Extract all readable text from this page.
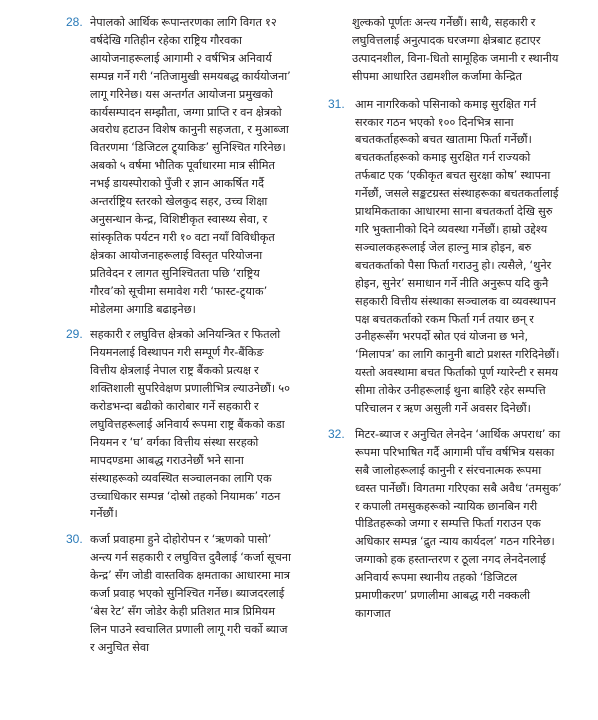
28. नेपालको आर्थिक रूपान्तरणका लागि विगत १२ वर्षदेखि गतिहीन रहेका राष्ट्रिय गौरवका आयोजनाहरूलाई आगामी २ वर्षभित्र अनिवार्य सम्पन्न गर्ने गरी ‘नतिजामुखी समयबद्ध कार्ययोजना’ लागू गरिनेछ। यस अन्तर्गत आयोजना प्रमुखको कार्यसम्पादन सम्झौता, जग्गा प्राप्ति र वन क्षेत्रको अवरोध हटाउन विशेष कानुनी सहजता, र मुआब्जा वितरणमा ‘डिजिटल ट्र्याकिङ’ सुनिश्चित गरिनेछ। अबको ५ वर्षमा भौतिक पूर्वाधारमा मात्र सीमित नभई डायस्पोराको पुँजी र ज्ञान आकर्षित गर्दै अन्तर्राष्ट्रिय स्तरको खेलकुद सहर, उच्च शिक्षा अनुसन्धान केन्द्र, विशिष्टीकृत स्वास्थ्य सेवा, र सांस्कृतिक पर्यटन गरी १० वटा नयाँ विविधीकृत क्षेत्रका आयोजनाहरूलाई विस्तृत परियोजना प्रतिवेदन र लागत सुनिश्चितता पछि ‘राष्ट्रिय गौरव’को सूचीमा समावेश गरी ‘फास्ट-ट्र्याक’ मोडेलमा अगाडि बढाइनेछ।

29. सहकारी र लघुवित्त क्षेत्रको अनियन्त्रित र फितलो नियमनलाई विस्थापन गरी सम्पूर्ण गैर-बैंकिङ वित्तीय क्षेत्रलाई नेपाल राष्ट्र बैंकको प्रत्यक्ष र शक्तिशाली सुपरिवेक्षण प्रणालीभित्र ल्याउनेछौं। ५० करोडभन्दा बढीको कारोबार गर्ने सहकारी र लघुवित्तहरूलाई अनिवार्य रूपमा राष्ट्र बैंकको कडा नियमन र ‘घ’ वर्गका वित्तीय संस्था सरहको मापदण्डमा आबद्ध गराउनेछौं भने साना संस्थाहरूको व्यवस्थित सञ्चालनका लागि एक उच्चाधिकार सम्पन्न ‘दोस्रो तहको नियामक’ गठन गर्नेछौं।

30. कर्जा प्रवाहमा हुने दोहोरोपन र ‘ऋणको पासो’ अन्त्य गर्न सहकारी र लघुवित्त दुवैलाई ‘कर्जा सूचना केन्द्र’ सँग जोडी वास्तविक क्षमताका आधारमा मात्र कर्जा प्रवाह भएको सुनिश्चित गर्नेछ। ब्याजदरलाई ‘बेस रेट’ सँग जोडेर केही प्रतिशत मात्र प्रिमियम लिन पाउने स्वचालित प्रणाली लागू गरी चर्को ब्याज र अनुचित सेवा

शुल्कको पूर्णतः अन्त्य गर्नेछौं। साथै, सहकारी र लघुवित्तलाई अनुत्पादक घरजग्गा क्षेत्रबाट हटाएर उत्पादनशील, विना-धितो सामूहिक जमानी र स्थानीय सीपमा आधारित उद्यमशील कर्जामा केन्द्रित

31. आम नागरिकको पसिनाको कमाइ सुरक्षित गर्न सरकार गठन भएको १०० दिनभित्र साना बचतकर्ताहरूको बचत खातामा फिर्ता गर्नेछौं। बचतकर्ताहरूको कमाइ सुरक्षित गर्न राज्यको तर्फबाट एक ‘एकीकृत बचत सुरक्षा कोष’ स्थापना गर्नेछौं, जसले सङ्कटग्रस्त संस्थाहरूका बचतकर्तालाई प्राथमिकताका आधारमा साना बचतकर्ता देखि सुरु गरि भुक्तानीको दिने व्यवस्था गर्नेछौं। हाम्रो उद्देश्य सञ्चालकहरूलाई जेल हाल्नु मात्र होइन, बरु बचतकर्ताको पैसा फिर्ता गराउनु हो। त्यसैले, ‘थुनेर होइन, सुनेर’ समाधान गर्ने नीति अनुरूप यदि कुनै सहकारी वित्तीय संस्थाका सञ्चालक वा व्यवस्थापन पक्ष बचतकर्ताको रकम फिर्ता गर्न तयार छन् र उनीहरूसँग भरपर्दो स्रोत एवं योजना छ भने, ‘मिलापत्र’ का लागि कानुनी बाटो प्रशस्त गरिदिनेछौं। यस्तो अवस्थामा बचत फिर्ताको पूर्ण ग्यारेन्टी र समय सीमा तोकेर उनीहरूलाई थुना बाहिरै रहेर सम्पत्ति परिचालन र ऋण असुली गर्ने अवसर दिनेछौं।

32. मिटर-ब्याज र अनुचित लेनदेन ‘आर्थिक अपराध’ का रूपमा परिभाषित गर्दै आगामी पाँच वर्षभित्र यसका सबै जालोहरूलाई कानुनी र संरचनात्मक रूपमा ध्वस्त पार्नेछौं। विगतमा गरिएका सबै अवैध ‘तमसुक’ र कपाली तमसुकहरूको न्यायिक छानबिन गरी पीडितहरूको जग्गा र सम्पत्ति फिर्ता गराउन एक अधिकार सम्पन्न ‘द्रुत न्याय कार्यदल’ गठन गरिनेछ। जग्गाको हक हस्तान्तरण र ठूला नगद लेनदेनलाई अनिवार्य रूपमा स्थानीय तहको ‘डिजिटल प्रमाणीकरण’ प्रणालीमा आबद्ध गरी नक्कली कागजात
